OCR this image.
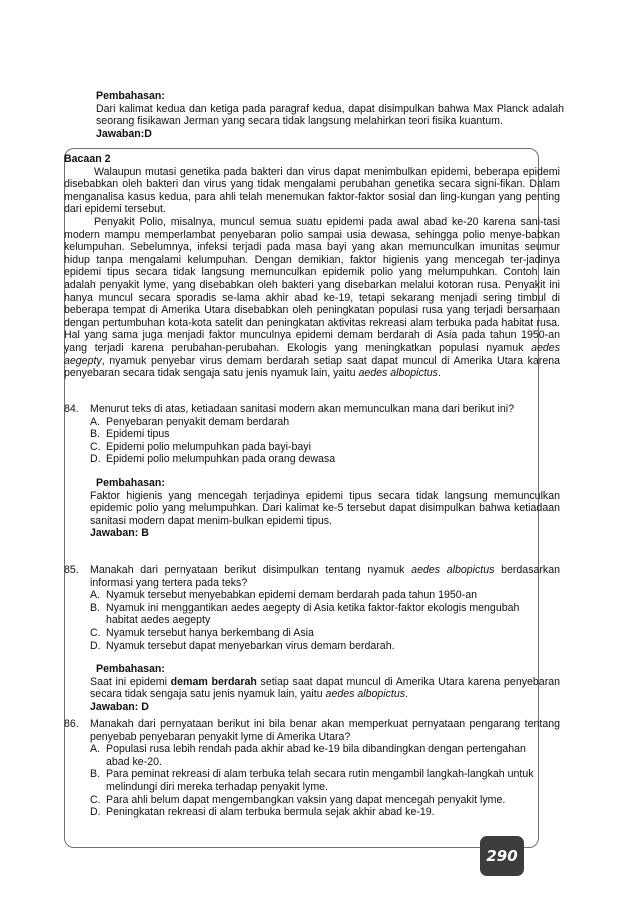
Pembahasan:

Dari kalimat kedua dan ketiga pada paragraf kedua, dapat disimpulkan bahwa Max Planck adalah seorang fisikawan Jerman yang secara tidak langsung melahirkan teori fisika kuantum.

Jawaban:D

Bacaan 2

Walaupun mutasi genetika pada bakteri dan virus dapat menimbulkan epidemi, beberapa epidemi disebabkan oleh bakteri dan virus yang tidak mengalami perubahan genetika secara signi-fikan. Dalam menganalisa kasus kedua, para ahli telah menemukan faktor-faktor sosial dan ling-kungan yang penting dari epidemi tersebut.

Penyakit Polio, misalnya, muncul semua suatu epidemi pada awal abad ke-20 karena sani-tasi modern mampu memperlambat penyebaran polio sampai usia dewasa, sehingga polio menye-babkan kelumpuhan. Sebelumnya, infeksi terjadi pada masa bayi yang akan memunculkan imunitas seumur hidup tanpa mengalami kelumpuhan. Dengan demikian, faktor higienis yang mencegah ter-jadinya epidemi tipus secara tidak langsung memunculkan epidemik polio yang melumpuhkan. Contoh lain adalah penyakit lyme, yang disebabkan oleh bakteri yang disebarkan melalui kotoran rusa. Penyakit ini hanya muncul secara sporadis se-lama akhir abad ke-19, tetapi sekarang menjadi sering timbul di beberapa tempat di Amerika Utara disebabkan oleh peningkatan populasi rusa yang terjadi bersamaan dengan pertumbuhan kota-kota satelit dan peningkatan aktivitas rekreasi alam terbuka pada habitat rusa. Hal yang sama juga menjadi faktor munculnya epidemi demam berdarah di Asia pada tahun 1950-an yang terjadi karena perubahan-perubahan. Ekologis yang meningkatkan populasi nyamuk aedes aegepty, nyamuk penyebar virus demam berdarah setiap saat dapat muncul di Amerika Utara karena penyebaran secara tidak sengaja satu jenis nyamuk lain, yaitu aedes albopictus.

84.	Menurut teks di atas, ketiadaan sanitasi modern akan memunculkan mana dari berikut ini?
A. Penyebaran penyakit demam berdarah
B. Epidemi tipus
C. Epidemi polio melumpuhkan pada bayi-bayi
D. Epidemi polio melumpuhkan pada orang dewasa

Pembahasan:

Faktor higienis yang mencegah terjadinya epidemi tipus secara tidak langsung memunculkan epidemic polio yang melumpuhkan. Dari kalimat ke-5 tersebut dapat disimpulkan bahwa ketiadaan sanitasi modern dapat menim-bulkan epidemi tipus.

Jawaban: B

85.	Manakah dari pernyataan berikut disimpulkan tentang nyamuk aedes albopictus berdasarkan informasi yang tertera pada teks?
A. Nyamuk tersebut menyebabkan epidemi demam berdarah pada tahun 1950-an
B. Nyamuk ini menggantikan aedes aegepty di Asia ketika faktor-faktor ekologis mengubah habitat aedes aegepty
C. Nyamuk tersebut hanya berkembang di Asia
D. Nyamuk tersebut dapat menyebarkan virus demam berdarah.

Pembahasan:

Saat ini epidemi demam berdarah setiap saat dapat muncul di Amerika Utara karena penyebaran secara tidak sengaja satu jenis nyamuk lain, yaitu aedes albopictus.

Jawaban: D

86.	Manakah dari pernyataan berikut ini bila benar akan memperkuat pernyataan pengarang tentang penyebab penyebaran penyakit lyme di Amerika Utara?
A. Populasi rusa lebih rendah pada akhir abad ke-19 bila dibandingkan dengan pertengahan abad ke-20.
B. Para peminat rekreasi di alam terbuka telah secara rutin mengambil langkah-langkah untuk melindungi diri mereka terhadap penyakit lyme.
C. Para ahli belum dapat mengembangkan vaksin yang dapat mencegah penyakit lyme.
D. Peningkatan rekreasi di alam terbuka bermula sejak akhir abad ke-19.
290
